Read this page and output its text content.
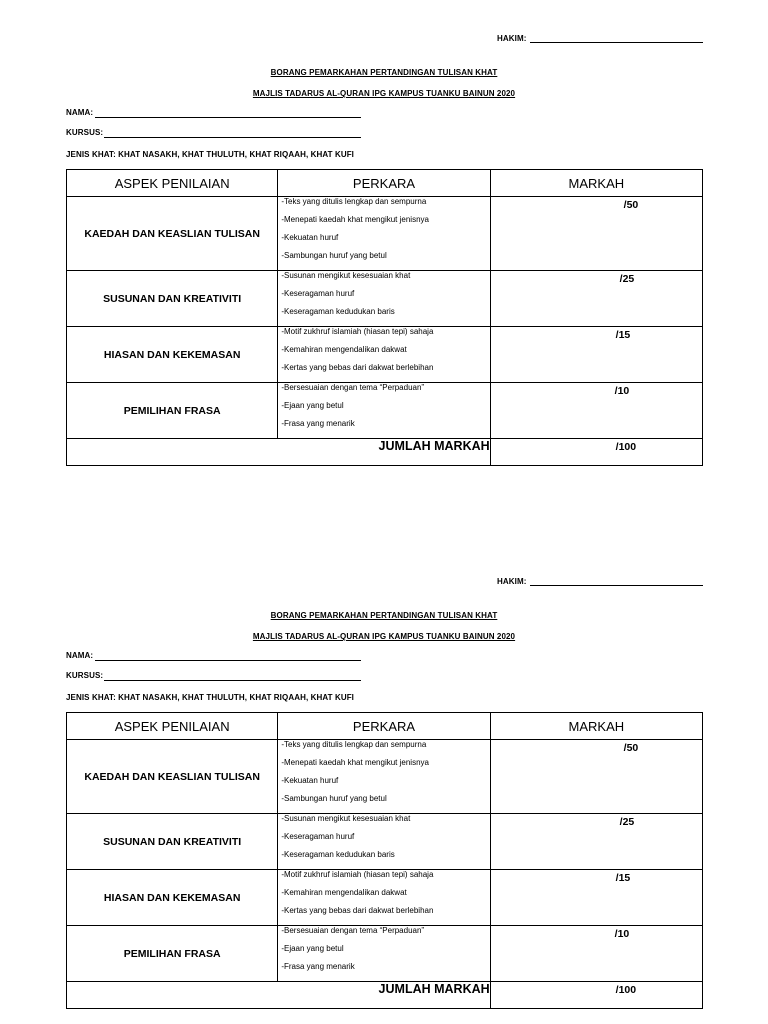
HAKIM:
BORANG PEMARKAHAN PERTANDINGAN TULISAN KHAT
MAJLIS TADARUS AL-QURAN IPG KAMPUS TUANKU BAINUN 2020
NAMA:
KURSUS:
JENIS KHAT: KHAT NASAKH, KHAT THULUTH, KHAT RIQAAH, KHAT KUFI
ASPEK PENILAIAN	PERKARA	MARKAH
KAEDAH DAN KEASLIAN TULISAN	-Teks yang ditulis lengkap dan sempurna
-Menepati kaedah khat mengikut jenisnya
-Kekuatan huruf
-Sambungan huruf yang betul	/50

SUSUNAN DAN KREATIVITI	-Susunan mengikut kesesuaian khat
-Keseragaman huruf
-Keseragaman kedudukan baris	/25

HIASAN DAN KEKEMASAN	-Motif zukhruf islamiah (hiasan tepi) sahaja
-Kemahiran mengendalikan dakwat
-Kertas yang bebas dari dakwat berlebihan	/15

PEMILIHAN FRASA	-Bersesuaian dengan tema “Perpaduan”
-Ejaan yang betul
-Frasa yang menarik	/10

JUMLAH MARKAH		/100
HAKIM:
BORANG PEMARKAHAN PERTANDINGAN TULISAN KHAT
MAJLIS TADARUS AL-QURAN IPG KAMPUS TUANKU BAINUN 2020
NAMA:
KURSUS:
JENIS KHAT: KHAT NASAKH, KHAT THULUTH, KHAT RIQAAH, KHAT KUFI
ASPEK PENILAIAN	PERKARA	MARKAH
KAEDAH DAN KEASLIAN TULISAN	-Teks yang ditulis lengkap dan sempurna
-Menepati kaedah khat mengikut jenisnya
-Kekuatan huruf
-Sambungan huruf yang betul	/50

SUSUNAN DAN KREATIVITI	-Susunan mengikut kesesuaian khat
-Keseragaman huruf
-Keseragaman kedudukan baris	/25

HIASAN DAN KEKEMASAN	-Motif zukhruf islamiah (hiasan tepi) sahaja
-Kemahiran mengendalikan dakwat
-Kertas yang bebas dari dakwat berlebihan	/15

PEMILIHAN FRASA	-Bersesuaian dengan tema “Perpaduan”
-Ejaan yang betul
-Frasa yang menarik	/10

JUMLAH MARKAH		/100
